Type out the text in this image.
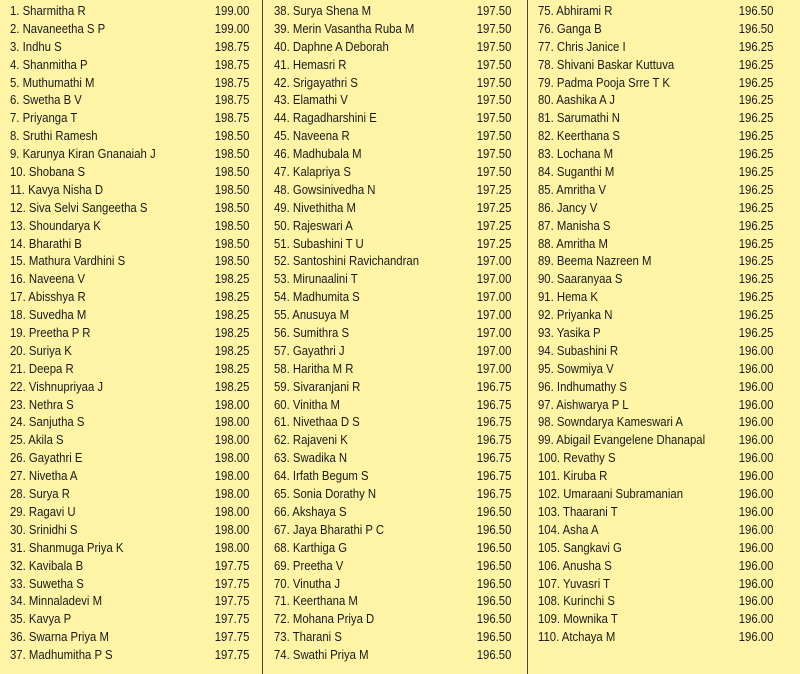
1. Sharmitha R	199.00
2. Navaneetha S P	199.00
3. Indhu S	198.75
4. Shanmitha P	198.75
5. Muthumathi M	198.75
6. Swetha B V	198.75
7. Priyanga T	198.75
8. Sruthi Ramesh	198.50
9. Karunya Kiran Gnanaiah J	198.50
10. Shobana S	198.50
11. Kavya Nisha D	198.50
12. Siva Selvi Sangeetha S	198.50
13. Shoundarya K	198.50
14. Bharathi B	198.50
15. Mathura Vardhini S	198.50
16. Naveena V	198.25
17. Abisshya R	198.25
18. Suvedha M	198.25
19. Preetha P R	198.25
20. Suriya K	198.25
21. Deepa R	198.25
22. Vishnupriyaa J	198.25
23. Nethra S	198.00
24. Sanjutha S	198.00
25. Akila S	198.00
26. Gayathri E	198.00
27. Nivetha A	198.00
28. Surya R	198.00
29. Ragavi U	198.00
30. Srinidhi S	198.00
31. Shanmuga Priya K	198.00
32. Kavibala B	197.75
33. Suwetha S	197.75
34. Minnaladevi M	197.75
35. Kavya P	197.75
36. Swarna Priya M	197.75
37. Madhumitha P S	197.75
38. Surya Shena M	197.50
39. Merin Vasantha Ruba M	197.50
40. Daphne A Deborah	197.50
41. Hemasri R	197.50
42. Srigayathri S	197.50
43. Elamathi V	197.50
44. Ragadharshini E	197.50
45. Naveena R	197.50
46. Madhubala M	197.50
47. Kalapriya S	197.50
48. Gowsinivedha N	197.25
49. Nivethitha M	197.25
50. Rajeswari A	197.25
51. Subashini T U	197.25
52. Santoshini Ravichandran	197.00
53. Mirunaalini T	197.00
54. Madhumita S	197.00
55. Anusuya M	197.00
56. Sumithra S	197.00
57. Gayathri J	197.00
58. Haritha M R	197.00
59. Sivaranjani R	196.75
60. Vinitha M	196.75
61. Nivethaa D S	196.75
62. Rajaveni K	196.75
63. Swadika N	196.75
64. Irfath Begum S	196.75
65. Sonia Dorathy N	196.75
66. Akshaya S	196.50
67. Jaya Bharathi P C	196.50
68. Karthiga G	196.50
69. Preetha V	196.50
70. Vinutha J	196.50
71. Keerthana M	196.50
72. Mohana Priya D	196.50
73. Tharani S	196.50
74. Swathi Priya M	196.50
75. Abhirami R	196.50
76. Ganga B	196.50
77. Chris Janice I	196.25
78. Shivani Baskar Kuttuva	196.25
79. Padma Pooja Srre T K	196.25
80. Aashika A J	196.25
81. Sarumathi N	196.25
82. Keerthana S	196.25
83. Lochana M	196.25
84. Suganthi M	196.25
85. Amritha V	196.25
86. Jancy V	196.25
87. Manisha S	196.25
88. Amritha M	196.25
89. Beema Nazreen M	196.25
90. Saaranyaa S	196.25
91. Hema K	196.25
92. Priyanka N	196.25
93. Yasika P	196.25
94. Subashini R	196.00
95. Sowmiya V	196.00
96. Indhumathy S	196.00
97. Aishwarya P L	196.00
98. Sowndarya Kameswari A	196.00
99. Abigail Evangelene Dhanapal	196.00
100. Revathy S	196.00
101. Kiruba R	196.00
102. Umaraani Subramanian	196.00
103. Thaarani T	196.00
104. Asha A	196.00
105. Sangkavi G	196.00
106. Anusha S	196.00
107. Yuvasri T	196.00
108. Kurinchi S	196.00
109. Mownika T	196.00
110. Atchaya M	196.00
